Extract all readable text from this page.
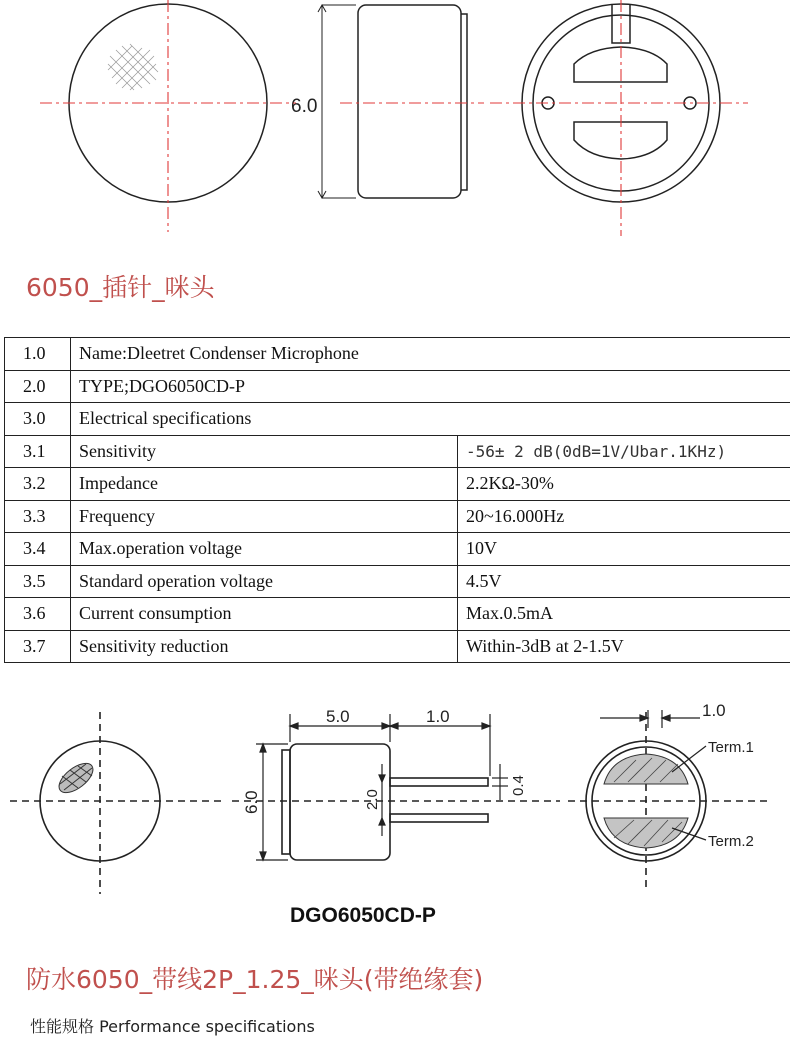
6.0
6050_插针_咪头
1.0	Name:Dleetret Condenser Microphone	
2.0	TYPE;DGO6050CD-P	
3.0	Electrical specifications	
3.1	Sensitivity	-56± 2 dB(0dB=1V/Ubar.1KHz)
3.2	Impedance	2.2KΩ-30%
3.3	Frequency	20~16.000Hz
3.4	Max.operation voltage	10V
3.5	Standard operation voltage	4.5V
3.6	Current consumption	Max.0.5mA
3.7	Sensitivity reduction	Within-3dB at 2-1.5V
5.0	1.0
6.0	2.0
0.4
1.0
Term.1
Term.2
DGO6050CD-P
防水6050_带线2P_1.25_咪头(带绝缘套)
性能规格 Performance specifications
